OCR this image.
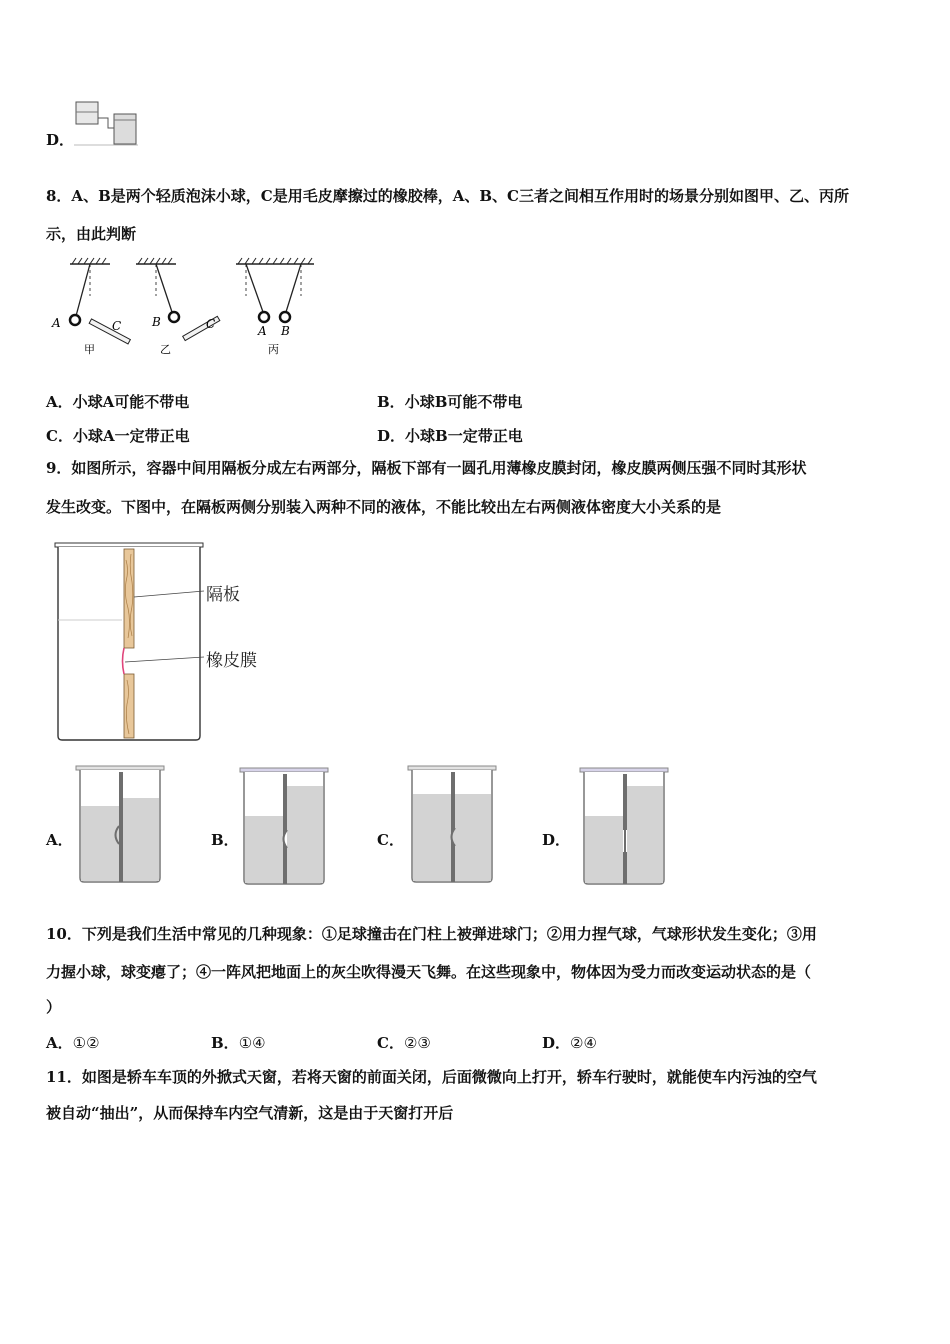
D．
8．A、B是两个轻质泡沫小球，C是用毛皮摩擦过的橡胶棒，A、B、C三者之间相互作用时的场景分别如图甲、乙、丙所
示，由此判断
A	C
甲
B	C
乙
A B
丙
A．小球A可能不带电	B．小球B可能不带电
C．小球A一定带正电	D．小球B一定带正电
9．如图所示，容器中间用隔板分成左右两部分，隔板下部有一圆孔用薄橡皮膜封闭，橡皮膜两侧压强不同时其形状
发生改变。下图中，在隔板两侧分别装入两种不同的液体，不能比较出左右两侧液体密度大小关系的是
隔板
橡皮膜
A．	B．	C．	D．
10．下列是我们生活中常见的几种现象：①足球撞击在门柱上被弹进球门；②用力捏气球，气球形状发生变化；③用
力握小球，球变瘪了；④一阵风把地面上的灰尘吹得漫天飞舞。在这些现象中，物体因为受力而改变运动状态的是（
）
A．①②	B．①④	C．②③	D．②④
11．如图是轿车车顶的外掀式天窗，若将天窗的前面关闭，后面微微向上打开，轿车行驶时，就能使车内污浊的空气
被自动“抽出”，从而保持车内空气清新，这是由于天窗打开后
